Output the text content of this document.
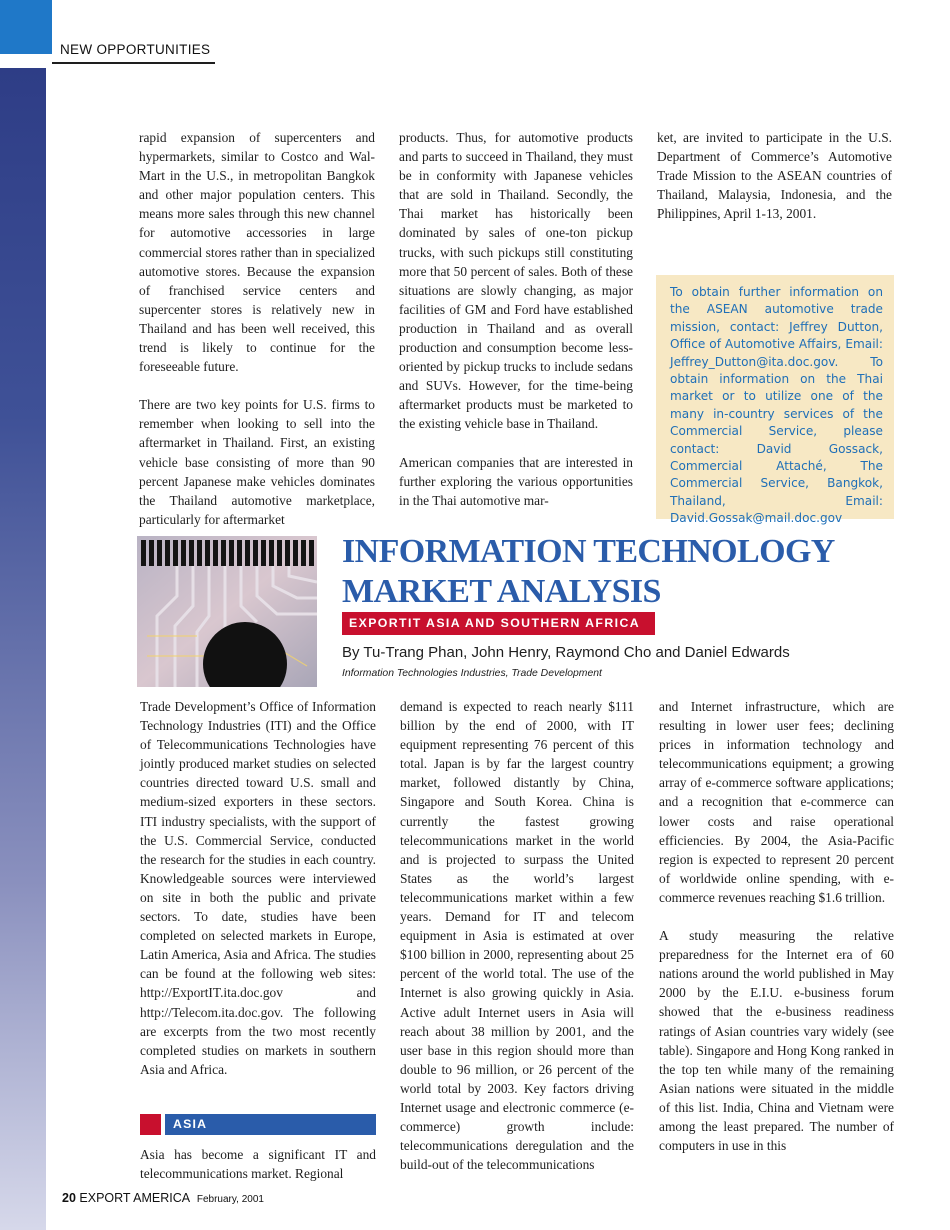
NEW OPPORTUNITIES

rapid expansion of supercenters and hypermarkets, similar to Costco and Wal-Mart in the U.S., in metropolitan Bangkok and other major population centers. This means more sales through this new channel for automotive accessories in large commercial stores rather than in specialized automotive stores. Because the expansion of franchised service centers and supercenter stores is relatively new in Thailand and has been well received, this trend is likely to continue for the foreseeable future.

There are two key points for U.S. firms to remember when looking to sell into the aftermarket in Thailand. First, an existing vehicle base consisting of more than 90 percent Japanese make vehicles dominates the Thailand automotive marketplace, particularly for aftermarket

products. Thus, for automotive products and parts to succeed in Thailand, they must be in conformity with Japanese vehicles that are sold in Thailand. Secondly, the Thai market has historically been dominated by sales of one-ton pickup trucks, with such pickups still constituting more that 50 percent of sales. Both of these situations are slowly changing, as major facilities of GM and Ford have established production in Thailand and as overall production and consumption become less-oriented by pickup trucks to include sedans and SUVs. However, for the time-being aftermarket products must be marketed to the existing vehicle base in Thailand.

American companies that are interested in further exploring the various opportunities in the Thai automotive mar-

ket, are invited to participate in the U.S. Department of Commerce’s Automotive Trade Mission to the ASEAN countries of Thailand, Malaysia, Indonesia, and the Philippines, April 1-13, 2001.

To obtain further information on the ASEAN automotive trade mission, contact: Jeffrey Dutton, Office of Automotive Affairs, Email: Jeffrey_Dutton@ita.doc.gov. To obtain information on the Thai market or to utilize one of the many in-country services of the Commercial Service, please contact: David Gossack, Commercial Attaché, The Commercial Service, Bangkok, Thailand, Email: David.Gossak@mail.doc.gov
INFORMATION TECHNOLOGY
MARKET ANALYSIS
EXPORTIT ASIA AND SOUTHERN AFRICA
By Tu-Trang Phan, John Henry, Raymond Cho and Daniel Edwards
Information Technologies Industries, Trade Development

Trade Development’s Office of Information Technology Industries (ITI) and the Office of Telecommunications Technologies have jointly produced market studies on selected countries directed toward U.S. small and medium-sized exporters in these sectors. ITI industry specialists, with the support of the U.S. Commercial Service, conducted the research for the studies in each country. Knowledgeable sources were interviewed on site in both the public and private sectors. To date, studies have been completed on selected markets in Europe, Latin America, Asia and Africa. The studies can be found at the following web sites: http://ExportIT.ita.doc.gov and http://Telecom.ita.doc.gov. The following are excerpts from the two most recently completed studies on markets in southern Asia and Africa.

ASIA

Asia has become a significant IT and telecommunications market. Regional

demand is expected to reach nearly $111 billion by the end of 2000, with IT equipment representing 76 percent of this total. Japan is by far the largest country market, followed distantly by China, Singapore and South Korea. China is currently the fastest growing telecommunications market in the world and is projected to surpass the United States as the world’s largest telecommunications market within a few years. Demand for IT and telecom equipment in Asia is estimated at over $100 billion in 2000, representing about 25 percent of the world total. The use of the Internet is also growing quickly in Asia. Active adult Internet users in Asia will reach about 38 million by 2001, and the user base in this region should more than double to 96 million, or 26 percent of the world total by 2003. Key factors driving Internet usage and electronic commerce (e-commerce) growth include: telecommunications deregulation and the build-out of the telecommunications

and Internet infrastructure, which are resulting in lower user fees; declining prices in information technology and telecommunications equipment; a growing array of e-commerce software applications; and a recognition that e-commerce can lower costs and raise operational efficiencies. By 2004, the Asia-Pacific region is expected to represent 20 percent of worldwide online spending, with e-commerce revenues reaching $1.6 trillion.

A study measuring the relative preparedness for the Internet era of 60 nations around the world published in May 2000 by the E.I.U. e-business forum showed that the e-business readiness ratings of Asian countries vary widely (see table). Singapore and Hong Kong ranked in the top ten while many of the remaining Asian nations were situated in the middle of this list. India, China and Vietnam were among the least prepared. The number of computers in use in this

20 EXPORT AMERICA February, 2001
